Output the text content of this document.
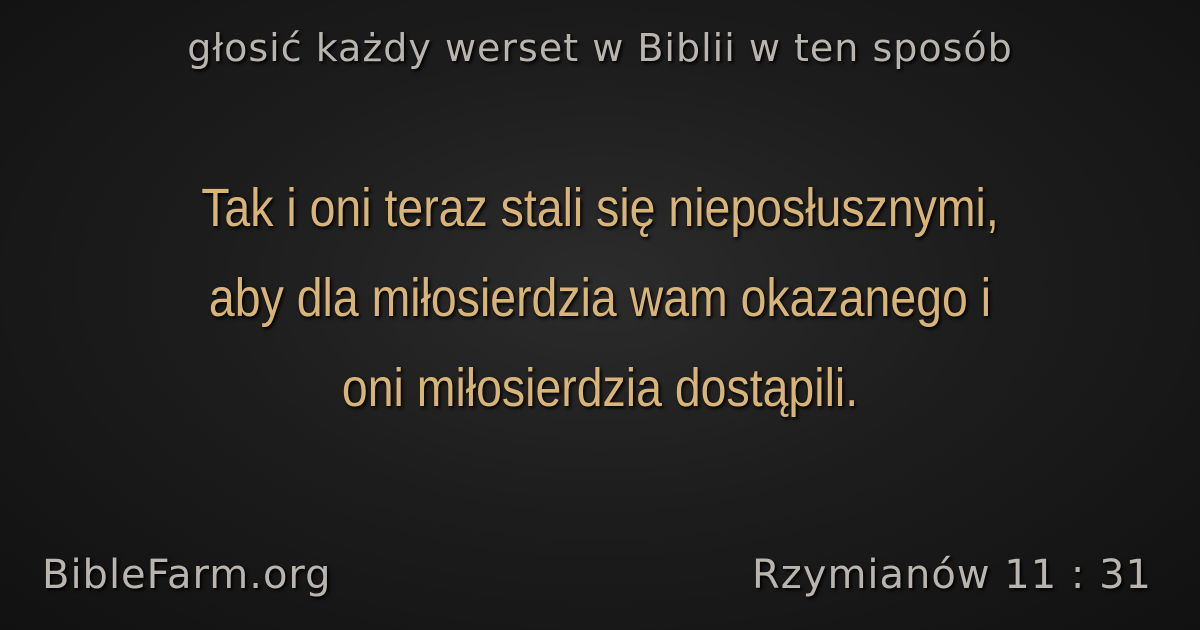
głosić każdy werset w Biblii w ten sposób
Tak i oni teraz stali się nieposłusznymi,
aby dla miłosierdzia wam okazanego i
oni miłosierdzia dostąpili.
BibleFarm.org	Rzymianów 11 : 31
